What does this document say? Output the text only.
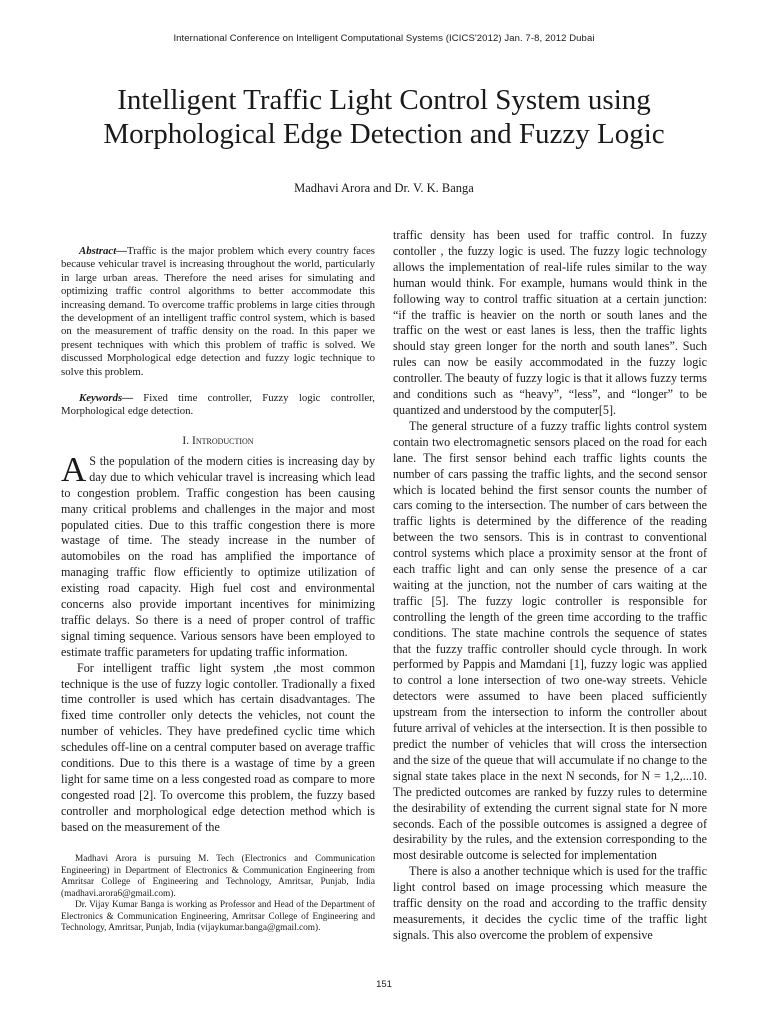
International Conference on Intelligent Computational Systems (ICICS'2012) Jan. 7-8, 2012 Dubai
Intelligent Traffic Light Control System using
Morphological Edge Detection and Fuzzy Logic
Madhavi Arora and Dr. V. K. Banga

Abstract—Traffic is the major problem which every country faces because vehicular travel is increasing throughout the world, particularly in large urban areas. Therefore the need arises for simulating and optimizing traffic control algorithms to better accommodate this increasing demand. To overcome traffic problems in large cities through the development of an intelligent traffic control system, which is based on the measurement of traffic density on the road. In this paper we present techniques with which this problem of traffic is solved. We discussed Morphological edge detection and fuzzy logic technique to solve this problem.

Keywords— Fixed time controller, Fuzzy logic controller, Morphological edge detection.

I. Introduction

A S the population of the modern cities is increasing day by day due to which vehicular travel is increasing which lead to congestion problem. Traffic congestion has been causing many critical problems and challenges in the major and most populated cities. Due to this traffic congestion there is more wastage of time. The steady increase in the number of automobiles on the road has amplified the importance of managing traffic flow efficiently to optimize utilization of existing road capacity. High fuel cost and environmental concerns also provide important incentives for minimizing traffic delays. So there is a need of proper control of traffic signal timing sequence. Various sensors have been employed to estimate traffic parameters for updating traffic information.

For intelligent traffic light system ,the most common technique is the use of fuzzy logic contoller. Tradionally a fixed time controller is used which has certain disadvantages. The fixed time controller only detects the vehicles, not count the number of vehicles. They have predefined cyclic time which schedules off-line on a central computer based on average traffic conditions. Due to this there is a wastage of time by a green light for same time on a less congested road as compare to more congested road [2]. To overcome this problem, the fuzzy based controller and morphological edge detection method which is based on the measurement of the

Madhavi Arora is pursuing M. Tech (Electronics and Communication Engineering) in Department of Electronics & Communication Engineering from Amritsar College of Engineering and Technology, Amritsar, Punjab, India (madhavi.arora6@gmail.com).

Dr. Vijay Kumar Banga is working as Professor and Head of the Department of Electronics & Communication Engineering, Amritsar College of Engineering and Technology, Amritsar, Punjab, India (vijaykumar.banga@gmail.com).

traffic density has been used for traffic control. In fuzzy contoller , the fuzzy logic is used. The fuzzy logic technology allows the implementation of real-life rules similar to the way human would think. For example, humans would think in the following way to control traffic situation at a certain junction: “if the traffic is heavier on the north or south lanes and the traffic on the west or east lanes is less, then the traffic lights should stay green longer for the north and south lanes”. Such rules can now be easily accommodated in the fuzzy logic controller. The beauty of fuzzy logic is that it allows fuzzy terms and conditions such as “heavy”, “less”, and “longer” to be quantized and understood by the computer[5].

The general structure of a fuzzy traffic lights control system contain two electromagnetic sensors placed on the road for each lane. The first sensor behind each traffic lights counts the number of cars passing the traffic lights, and the second sensor which is located behind the first sensor counts the number of cars coming to the intersection. The number of cars between the traffic lights is determined by the difference of the reading between the two sensors. This is in contrast to conventional control systems which place a proximity sensor at the front of each traffic light and can only sense the presence of a car waiting at the junction, not the number of cars waiting at the traffic [5]. The fuzzy logic controller is responsible for controlling the length of the green time according to the traffic conditions. The state machine controls the sequence of states that the fuzzy traffic controller should cycle through. In work performed by Pappis and Mamdani [1], fuzzy logic was applied to control a lone intersection of two one-way streets. Vehicle detectors were assumed to have been placed sufficiently upstream from the intersection to inform the controller about future arrival of vehicles at the intersection. It is then possible to predict the number of vehicles that will cross the intersection and the size of the queue that will accumulate if no change to the signal state takes place in the next N seconds, for N = 1,2,...10. The predicted outcomes are ranked by fuzzy rules to determine the desirability of extending the current signal state for N more seconds. Each of the possible outcomes is assigned a degree of desirability by the rules, and the extension corresponding to the most desirable outcome is selected for implementation

There is also a another technique which is used for the traffic light control based on image processing which measure the traffic density on the road and according to the traffic density measurements, it decides the cyclic time of the traffic light signals. This also overcome the problem of expensive

151
